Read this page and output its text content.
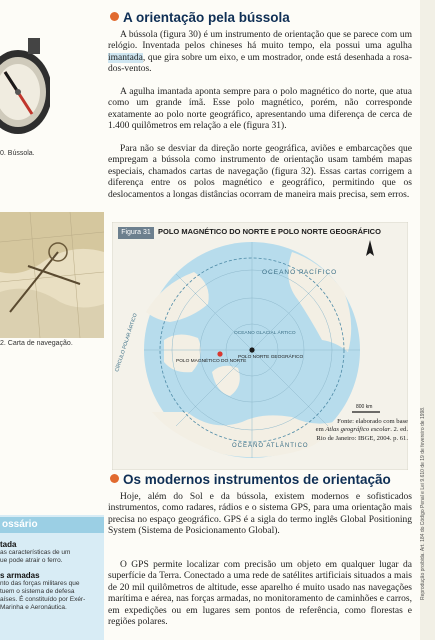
0. Bússola.
2. Carta de navegação.
A orientação pela bússola
A bússola (figura 30) é um instrumento de orientação que se parece com um relógio. Inventada pelos chineses há muito tempo, ela possui uma agulha imantada, que gira sobre um eixo, e um mostrador, onde está desenhada a rosa-dos-ventos.
A agulha imantada aponta sempre para o polo magnético do norte, que atua como um grande ímã. Esse polo magnético, porém, não corresponde exatamente ao polo norte geográfico, apresentando uma diferença de cerca de 1.400 quilômetros em relação a ele (figura 31).
Para não se desviar da direção norte geográfica, aviões e embarcações que empregam a bússola como instrumento de orientação usam também mapas especiais, chamados cartas de navegação (figura 32). Essas cartas corrigem a diferença entre os polos magnético e geográfico, permitindo que os deslocamentos a longas distâncias ocorram de maneira mais precisa, sem erros.
OCEANO PACÍFICO
OCEANO ATLÂNTICO
CÍRCULO POLAR ÁRTICO	POLO MAGNÉTICO DO NORTE
POLO NORTE GEOGRÁFICO
OCEANO GLACIAL ÁRTICO
800 km
Figura 31 POLO MAGNÉTICO DO NORTE E POLO NORTE GEOGRÁFICO
Fonte: elaborado com base
em Atlas geográfico escolar. 2. ed.
Rio de Janeiro: IBGE, 2004. p. 61.
Os modernos instrumentos de orientação
Hoje, além do Sol e da bússola, existem modernos e sofisticados instrumentos, como radares, rádios e o sistema GPS, para uma orientação mais precisa no espaço geográfico. GPS é a sigla do termo inglês Global Positioning System (Sistema de Posicionamento Global).
O GPS permite localizar com precisão um objeto em qualquer lugar da superfície da Terra. Conectado a uma rede de satélites artificiais situados a mais de 20 mil quilômetros de altitude, esse aparelho é muito usado nas navegações marítima e aérea, nas forças armadas, no monitoramento de caminhões e carros, em expedições ou em lugares sem pontos de referência, como florestas e regiões polares.
ossário
tada
as características de um
ue pode atrair o ferro.
s armadas
nto das forças militares que
tuem o sistema de defesa
aíses. É constituído por Exér-
Marinha e Aeronáutica.
Reprodução proibida. Art. 184 do Código Penal e Lei 9.610 de 19 de fevereiro de 1998.
